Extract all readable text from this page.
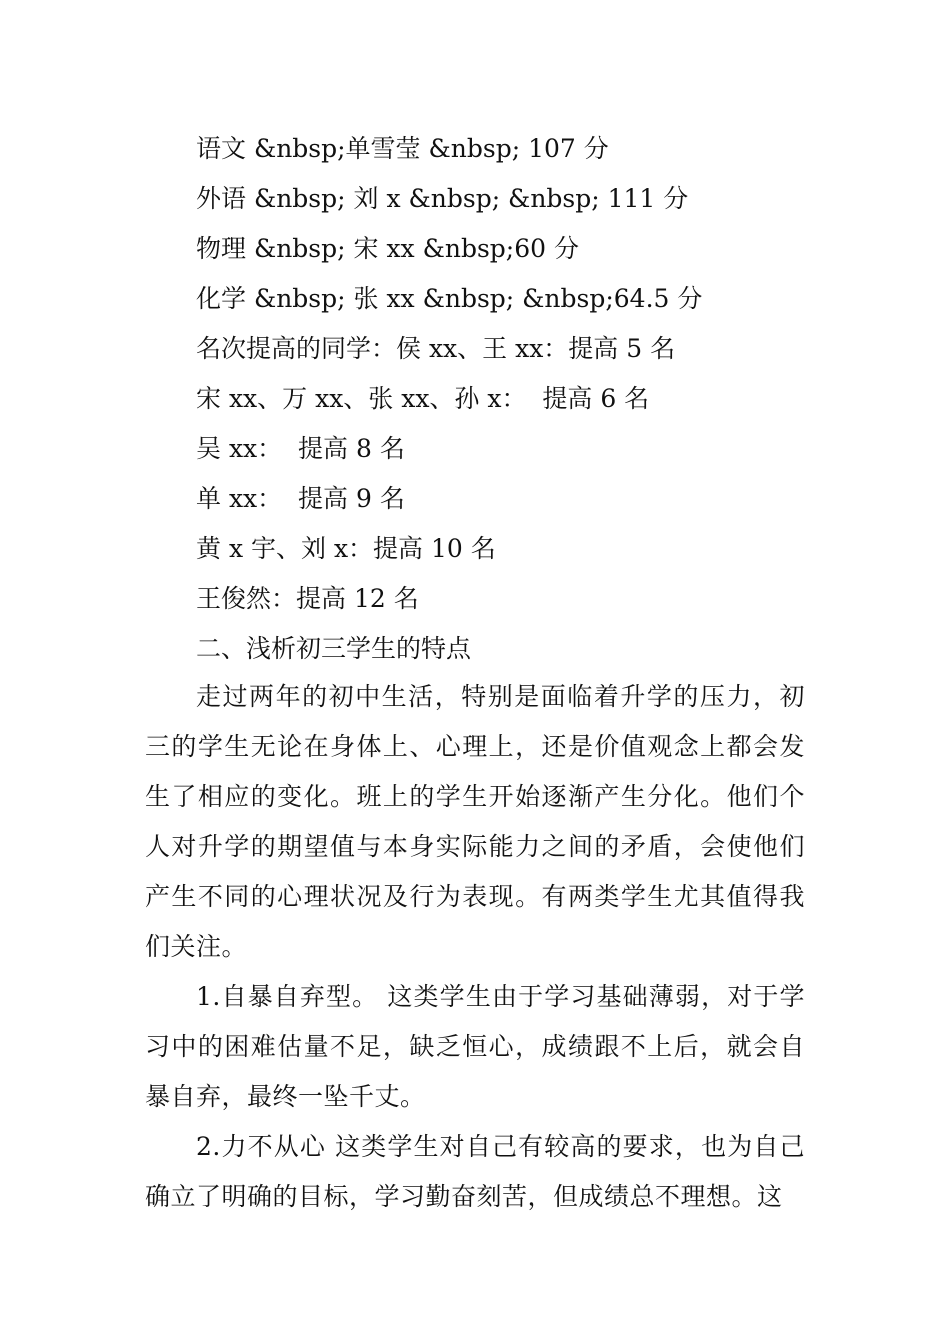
语文 &nbsp;单雪莹 &nbsp; 107 分
外语 &nbsp; 刘 x &nbsp; &nbsp; 111 分
物理 &nbsp; 宋 xx &nbsp;60 分
化学 &nbsp; 张 xx &nbsp; &nbsp;64.5 分
名次提高的同学：侯 xx、王 xx：提高 5 名
宋 xx、万 xx、张 xx、孙 x：  提高 6 名
吴 xx：  提高 8 名
单 xx：  提高 9 名
黄 x 宇、刘 x：提高 10 名
王俊然：提高 12 名
二、浅析初三学生的特点

走过两年的初中生活，特别是面临着升学的压力，初三的学生无论在身体上、心理上，还是价值观念上都会发生了相应的变化。班上的学生开始逐渐产生分化。他们个人对升学的期望值与本身实际能力之间的矛盾，会使他们产生不同的心理状况及行为表现。有两类学生尤其值得我们关注。

1.自暴自弃型。 这类学生由于学习基础薄弱，对于学习中的困难估量不足，缺乏恒心，成绩跟不上后，就会自暴自弃，最终一坠千丈。

2.力不从心 这类学生对自己有较高的要求，也为自己确立了明确的目标，学习勤奋刻苦，但成绩总不理想。这
